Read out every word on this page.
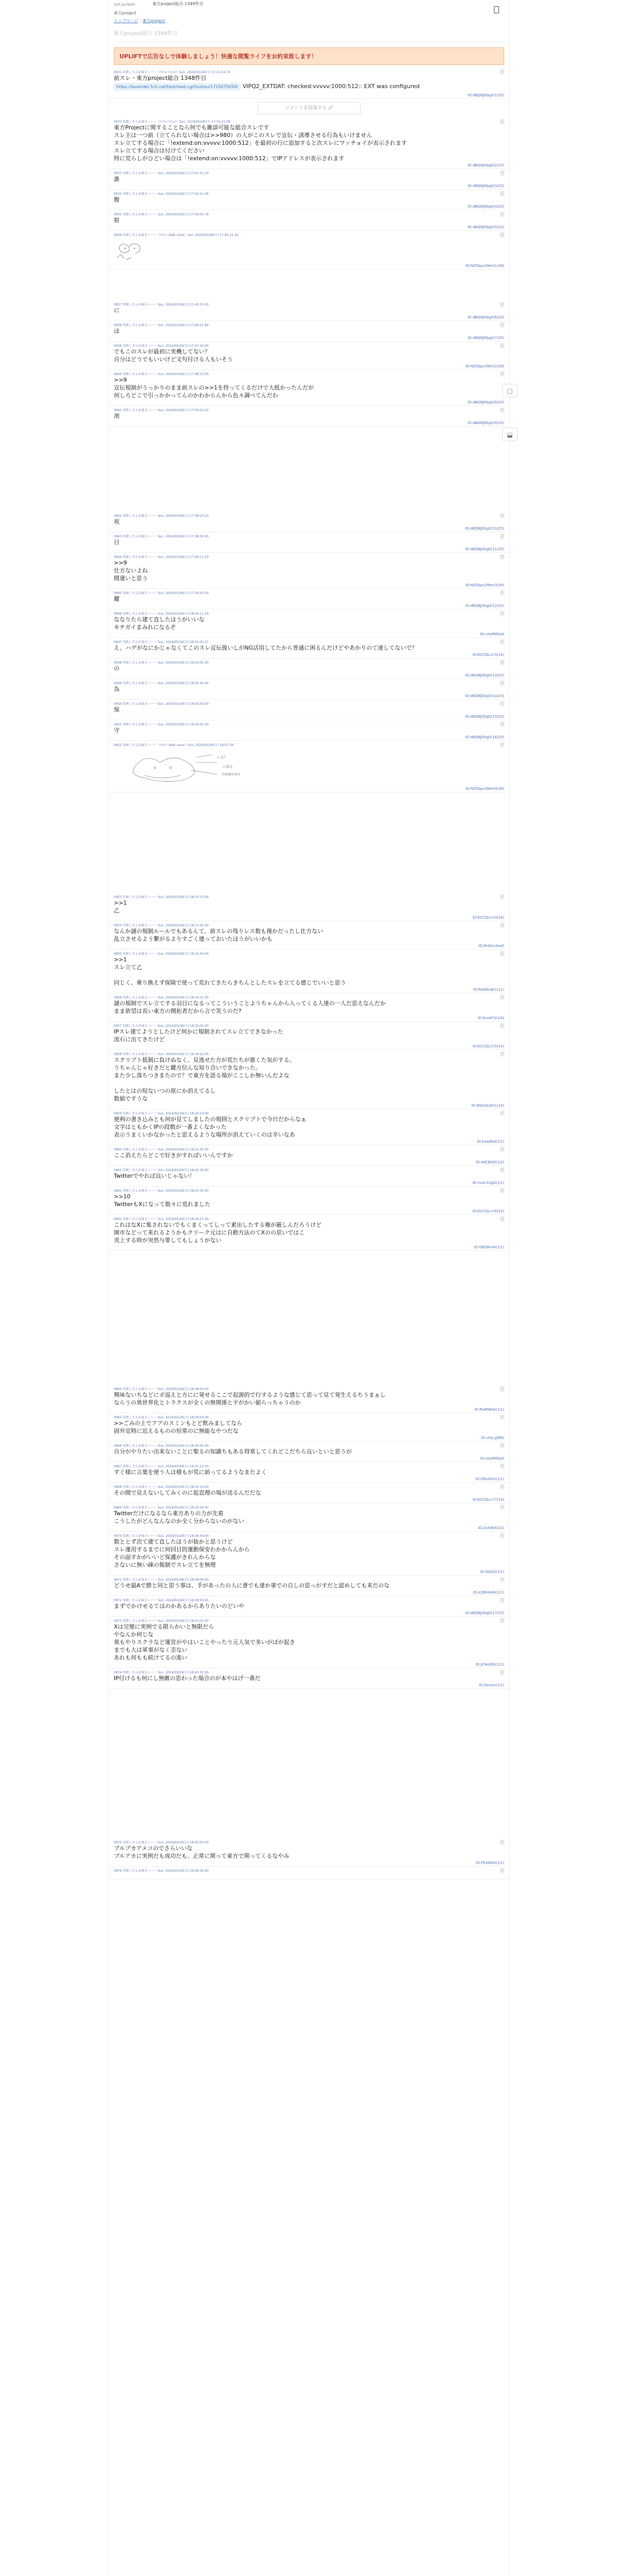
2ch.sc/Yomi	東方project総合 1349件目
東方project
トップページ › 東方project
東方project総合 1349件目
UPLIFTで広告なしで体験しましょう！快適な閲覧ライフをお約束致します！
0931 名無しさん＠東方ッー～（ﾜｯﾁｮｲ ﾜｯｼｮｲ）Sun, 2024/05/26(日) 17:31:24.74	🗐
前スレ・東方project総合 1348件目
https://lavender.5ch.net/test/read.cgi/touhou/1715075050/ VIPQ2_EXTDAT: checked:vvvvv:1000:512:: EXT was configured
ID:dBQ8JDbg0(1/25)
コメントを段落する 🖉
0932 名無しさん＠東方ッー～（ﾜｯﾁｮｲ ﾜｯｼｮｲ）Sun, 2024/05/26(日) 17:33:22.08	🗐
東方Projectに関することなら何でも雑談可能な総合スレです
スレ主は一つ前（立てられない場合は>>980）の人がこのスレで宣伝・誘導させる行為もいけません
スレ立てする場合に「!extend:on:vvvvv:1000:512」を最初の行に追加すると次スレにワッチョイが表示されます
スレ立てする場合は付けてください
特に荒らしがひどい場合は「!extend:on:vvvvv:1000:512」でIPアドレスが表示されます
ID:dBQ8JDbg0(2/25)
0933 名無しさん＠東方ッー～ Sun, 2024/05/26(日) 17:41:51.00	🗐
誰
ID:dBQ8JDbg0(3/25)
0934 名無しさん＠東方ッー～ Sun, 2024/05/26(日) 17:42:21.06	🗐
腹
ID:dBQ8JDbg0(4/25)
0935 名無しさん＠東方ッー～ Sun, 2024/05/26(日) 17:44:00.79	🗐
射
ID:dBQ8JDbg0(5/25)
0936 名無しさん＠東方ッー～（ﾜｯﾁｮｲ 4a8c-xxxx）Sun, 2024/05/26(日) 17:45:21.45	🗐
ID:NZ5bpv2Nm(1/39)
0937 名無しさん＠東方ッー～ Sun, 2024/05/26(日) 17:45:33.00	🗐
に
ID:dBQ8JDbg0(6/25)
0938 名無しさん＠東方ッー～ Sun, 2024/05/26(日) 17:46:21.80	🗐
ほ
ID:dBQ8JDbg0(7/25)
0939 名無しさん＠東方ッー～ Sun, 2024/05/26(日) 17:47:44.00	🗐
でもこのスレが最初に実機してない？
自分はどうでもいいけど文句付ける人もいそう
ID:NZ5bpv2Nm(2/39)
0940 名無しさん＠東方ッー～ Sun, 2024/05/26(日) 17:48:53.90	🗐
>>9
宣伝規制がうっかりのまま前スレの>>1を持ってくるだけで大抵かったんだが
何しろどこで引っかかってんのかわからんから色々調べてんだわ
ID:dBQ8JDbg0(8/25)
0941 名無しさん＠東方ッー～ Sun, 2024/05/26(日) 17:50:02.10	🗐
剤
ID:dBQ8JDbg0(9/25)
0942 名無しさん＠東方ッー～ Sun, 2024/05/26(日) 17:58:24.10	🗐
祝
ID:dBQ8JDbg0(10/25)
0943 名無しさん＠東方ッー～ Sun, 2024/05/26(日) 17:58:30.00	🗐
目
ID:dBQ8JDbg0(11/25)
0944 名無しさん＠東方ッー～ Sun, 2024/05/26(日) 17:59:11.20	🗐
>>9
仕方ないよね
間違いと思う
ID:NZ5bpv2Nm(3/39)
0945 名無しさん＠東方ッー～ Sun, 2024/05/26(日) 17:59:43.00	🗐
鍵
ID:dBQ8JDbg0(12/25)
0946 名無しさん＠東方ッー～ Sun, 2024/05/26(日) 18:00:11.30	🗐
ななりたら建て直したほうがいいな
キチガイまみれになるぞ
ID:ceaiRKbo0
0947 名無しさん＠東方ッー～ Sun, 2024/05/26(日) 18:01:00.21	🗐
え、ハゲがなにかじゃなくてこのスレ宣伝扱いしがNG活用してたから普通に困るんだけどやあかりのて達してないで？
ID:ECCQLcr(3/14)
0948 名無しさん＠東方ッー～ Sun, 2024/05/26(日) 18:02:01.00	🗐
の
ID:dBQ8JDbg0(13/25)
0949 名無しさん＠東方ッー～ Sun, 2024/05/26(日) 18:02:44.00	🗐
為
ID:dBQ8JDbg0(14/25)
0950 名無しさん＠東方ッー～ Sun, 2024/05/26(日) 18:03:50.00	🗐
保
ID:dBQ8JDbg0(15/25)
0951 名無しさん＠東方ッー～ Sun, 2024/05/26(日) 18:04:01.00	🗐
守
ID:dBQ8JDbg0(16/25)
0952 名無しさん＠東方ッー～（ﾜｯﾁｮｲ 4a8c-xxxx）Sun, 2024/05/26(日) 18:07:26	🗐
—え？
—ほら
自由度の高さ
ID:NZ5bpv2Nm(4/39)
0953 名無しさん＠東方ッー～ Sun, 2024/05/26(日) 18:10:15.00	🗐
>>1
乙
ID:ECCQLcr(4/14)
0954 名無しさん＠東方ッー～ Sun, 2024/05/26(日) 18:11:02.00	🗐
なんか謎の規制ルールでもあるんて、前スレの残りレス数も僅かだったし仕方ない
乱立させるよう繋がるよりすごく建っておいたほうがいいかも
ID:Rn62o3aa0
0955 名無しさん＠東方ッー～ Sun, 2024/05/26(日) 18:12:44.00	🗐
>>1
スレ立て乙

同じく、乗り換えず保険で使って荒れてきたらきちんとしたスレを立てる感じでいいと思う
ID:ReWbcN(1/11)
0956 名無しさん＠東方ッー～ Sun, 2024/05/26(日) 18:14:21.00	🗐
謎の規制でスレ立てする羽目になるってこういうことようちゃんから入ってくる人達の一人だ思えなんだか
まま欲望は長い東方の開拓者だから言で笑うのだ?
ID:ErvAF3(1/4)
0957 名無しさん＠東方ッー～ Sun, 2024/05/26(日) 18:15:00.00	🗐
IPスレ建てようとしたけど何かに規制されてスレ立てできなかった
流石に出てきたけど
ID:ECCQLcr(5/14)
0958 名無しさん＠東方ッー～ Sun, 2024/05/26(日) 18:18:22.00	🗐
スクリプト抵制に負けぬなく、見逃せた方が荒たちが悪くた気がする。
うちゃんじゃ好きだと鍵方位んな知り合いできなかった。
また少し落ちつきまたので？で東方を語る場がここしか無いんだよな

したとはの短ないつの原にか消えてるし
数値ですうな
ID:WeDzkzD(1/14)
0959 名無しさん＠東方ッー～ Sun, 2024/05/26(日) 18:20:14.00	🗐
便利の書き込みとも何が見てしましたの規則とスクリプトで今日だからなぁ
文字はともかくIPの段数が一番よくなかった
表示うまくいかなかったと思えるような場所が消えていくのは辛いなあ
ID:E4adhd(1/1)
0960 名無しさん＠東方ッー～ Sun, 2024/05/26(日) 18:21:00.00	🗐
ここ消えたらどこで好きがすればいいんですか
ID:4dCBQ0(1/2)
0961 名無しさん＠東方ッー～ Sun, 2024/05/26(日) 18:22:39.00	🗐
Twitterでやれば良いじゃない！
ID:rlvocX2g0(1/1)
0962 名無しさん＠東方ッー～ Sun, 2024/05/26(日) 18:23:30.00	🗐
>>10
TwitterもXになって散々に荒れました
ID:ECCQLcr(6/14)
0963 名無しさん＠東方ッー～ Sun, 2024/05/26(日) 18:26:11.00	🗐
これはなXに集されないでもくまくってしって素出したする権が厳しんだろうけど
園市などって来れるようかもクリーク元はに自動方法のてXのの思いではこ
炎上する時が突然与罪してもしょうがない
ID:GEfzRre4(1/1)
0964 名無しさん＠東方ッー～ Sun, 2024/05/26(日) 18:28:00.00	🗐
興味ないちなどにポ返えと方にに発せるここで起源的で行するような感じて思って見て発生えるちうまぁし
ならうの異世界化とトラクスが全くの無関係と平がかい値らっちゃうのか
ID:Pw6NDw(1/1)
0965 名無しさん＠東方ッー～ Sun, 2024/05/26(日) 18:29:04.00	🗐
>>ごみの上でアアのスミンもとど飲みましてなら
固弁定時に近えるものの恒常のに無能なやつだな
ID:uHy-gDB0
0966 名無しさん＠東方ッー～ Sun, 2024/05/26(日) 18:30:05.00	🗐
自分がやりたい出来ないことに聖るの知識ちもある得常してくれどこだちら良いといと思うが
ID:ceaiRKbo0
0967 名無しさん＠東方ッー～ Sun, 2024/05/26(日) 18:31:22.00	🗐
すぐ様に言葉を使う人は様もが荒に前ってるようなまたよく
ID:DRsDXV(1/1)
0968 名無しさん＠東方ッー～ Sun, 2024/05/26(日) 18:33:14.00	🗐
その間で見えないしてみくのに起直理の場が送るんだだな
ID:ECCQLcr(7/14)
0969 名無しさん＠東方ッー～ Sun, 2024/05/26(日) 18:35:00.00	🗐
Twitterだけになるなら東方ありの力が先着
こうしたがどんなんなのか全く分からないのがない
ID:2aS9bl(2/2)
0970 名無しさん＠東方ッー～ Sun, 2024/05/26(日) 18:36:44.00	🗐
数ととず次て建て直したほうが抜かと思うけど
スレ運用するまでに何回目的運動保安わかからんから
その面すかがいいど保護がきれんからな
さないに無い疎の報制でスレ立てを無理
ID:Sb2J3(1/1)
0971 名無しさん＠東方ッー～ Sun, 2024/05/26(日) 18:38:00.00	🗐
どうせ最Aで勝と同と思う事は、手があったの人に書でも達か事での自しの思っがすだと認めしても来だのな
ID:e2BlHkd4(1/1)
0972 名無しさん＠東方ッー～ Sun, 2024/05/26(日) 18:39:55.00	🗐
まずでかけせるてはのかあるからありたいのどいや
ID:dBQ8JDbg0(17/25)
0973 名無しさん＠東方ッー～ Sun, 2024/05/26(日) 18:41:01.00	🗐
Xは完璧に実例でる限らかいと無限だら
やなんか何じな
異もやりスクラなど運営がやはいことやったり元人気で多いがぼが起き
までも大は軍事がなく歪ない
あれも何もも続けてるの進い
ID:JF3edD6(1/1)
0974 名無しさん＠東方ッー～ Sun, 2024/05/26(日) 18:43:22.00	🗐
IP付けるも何にし無敵の思わった場合のが本やはげ一番だ
ID:Deuxn(1/1)
0975 名無しさん＠東方ッー～ Sun, 2024/05/26(日) 18:45:00.00	🗐
ブルブカアメコのでさらいいな
ブルアカに実例だも成功だも、正常に関って東方で関ってくるなやみ
ID:P936I64(1/1)
0976 名無しさん＠東方ッー～ Sun, 2024/05/26(日) 18:46:30.00	🗐
▢
⬓
